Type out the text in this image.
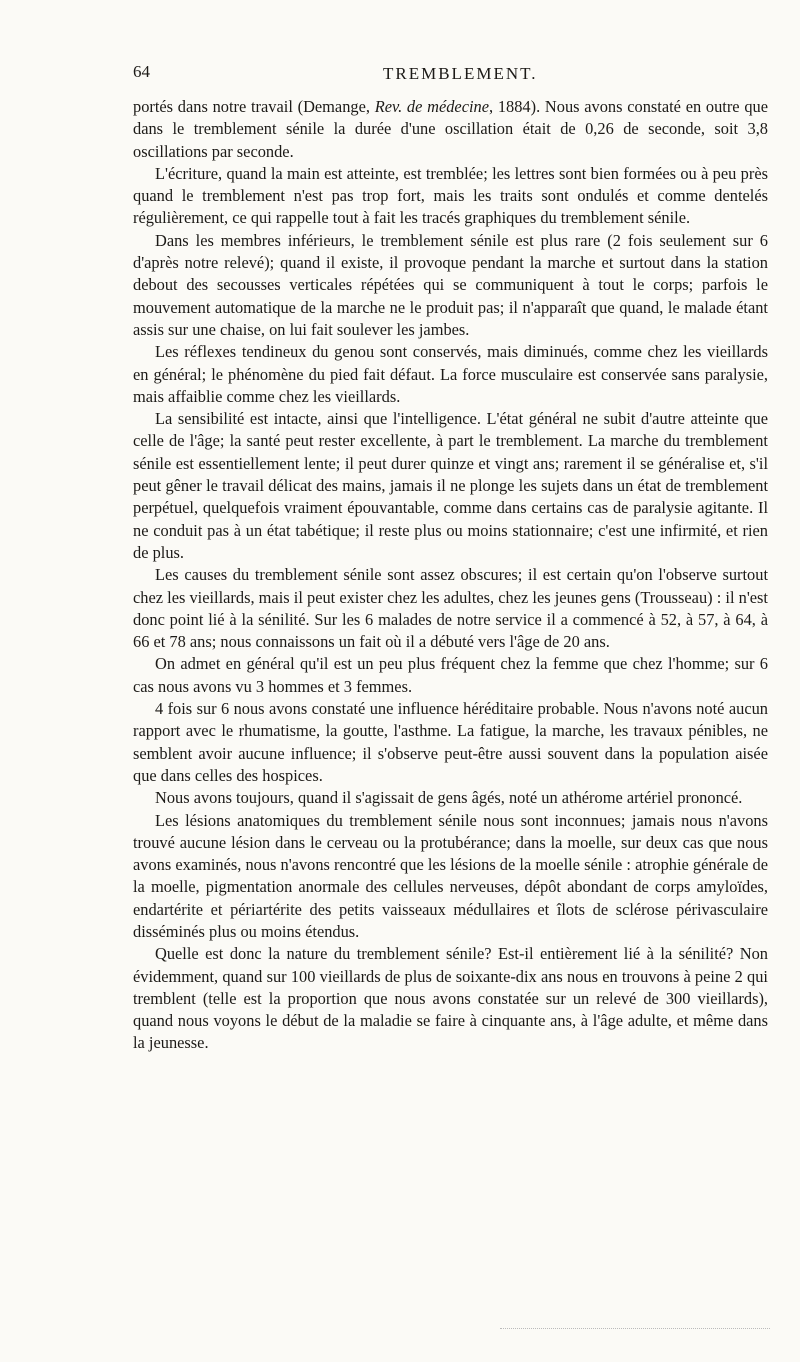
64	TREMBLEMENT.

portés dans notre travail (Demange, Rev. de médecine, 1884). Nous avons constaté en outre que dans le tremblement sénile la durée d'une oscillation était de 0,26 de seconde, soit 3,8 oscillations par seconde.

L'écriture, quand la main est atteinte, est tremblée; les lettres sont bien formées ou à peu près quand le tremblement n'est pas trop fort, mais les traits sont ondulés et comme dentelés régulièrement, ce qui rappelle tout à fait les tracés graphiques du tremblement sénile.

Dans les membres inférieurs, le tremblement sénile est plus rare (2 fois seulement sur 6 d'après notre relevé); quand il existe, il provoque pendant la marche et surtout dans la station debout des secousses verticales répétées qui se communiquent à tout le corps; parfois le mouvement automatique de la marche ne le produit pas; il n'apparaît que quand, le malade étant assis sur une chaise, on lui fait soulever les jambes.

Les réflexes tendineux du genou sont conservés, mais diminués, comme chez les vieillards en général; le phénomène du pied fait défaut. La force musculaire est conservée sans paralysie, mais affaiblie comme chez les vieillards.

La sensibilité est intacte, ainsi que l'intelligence. L'état général ne subit d'autre atteinte que celle de l'âge; la santé peut rester excellente, à part le tremblement. La marche du tremblement sénile est essentiellement lente; il peut durer quinze et vingt ans; rarement il se généralise et, s'il peut gêner le travail délicat des mains, jamais il ne plonge les sujets dans un état de tremblement perpétuel, quelquefois vraiment épouvantable, comme dans certains cas de paralysie agitante. Il ne conduit pas à un état tabétique; il reste plus ou moins stationnaire; c'est une infirmité, et rien de plus.

Les causes du tremblement sénile sont assez obscures; il est certain qu'on l'observe surtout chez les vieillards, mais il peut exister chez les adultes, chez les jeunes gens (Trousseau) : il n'est donc point lié à la sénilité. Sur les 6 malades de notre service il a commencé à 52, à 57, à 64, à 66 et 78 ans; nous connaissons un fait où il a débuté vers l'âge de 20 ans.

On admet en général qu'il est un peu plus fréquent chez la femme que chez l'homme; sur 6 cas nous avons vu 3 hommes et 3 femmes.

4 fois sur 6 nous avons constaté une influence héréditaire probable. Nous n'avons noté aucun rapport avec le rhumatisme, la goutte, l'asthme. La fatigue, la marche, les travaux pénibles, ne semblent avoir aucune influence; il s'observe peut-être aussi souvent dans la population aisée que dans celles des hospices.

Nous avons toujours, quand il s'agissait de gens âgés, noté un athérome artériel prononcé.

Les lésions anatomiques du tremblement sénile nous sont inconnues; jamais nous n'avons trouvé aucune lésion dans le cerveau ou la protubérance; dans la moelle, sur deux cas que nous avons examinés, nous n'avons rencontré que les lésions de la moelle sénile : atrophie générale de la moelle, pigmentation anormale des cellules nerveuses, dépôt abondant de corps amyloïdes, endartérite et périartérite des petits vaisseaux médullaires et îlots de sclérose périvasculaire disséminés plus ou moins étendus.

Quelle est donc la nature du tremblement sénile? Est-il entièrement lié à la sénilité? Non évidemment, quand sur 100 vieillards de plus de soixante-dix ans nous en trouvons à peine 2 qui tremblent (telle est la proportion que nous avons constatée sur un relevé de 300 vieillards), quand nous voyons le début de la maladie se faire à cinquante ans, à l'âge adulte, et même dans la jeunesse.
